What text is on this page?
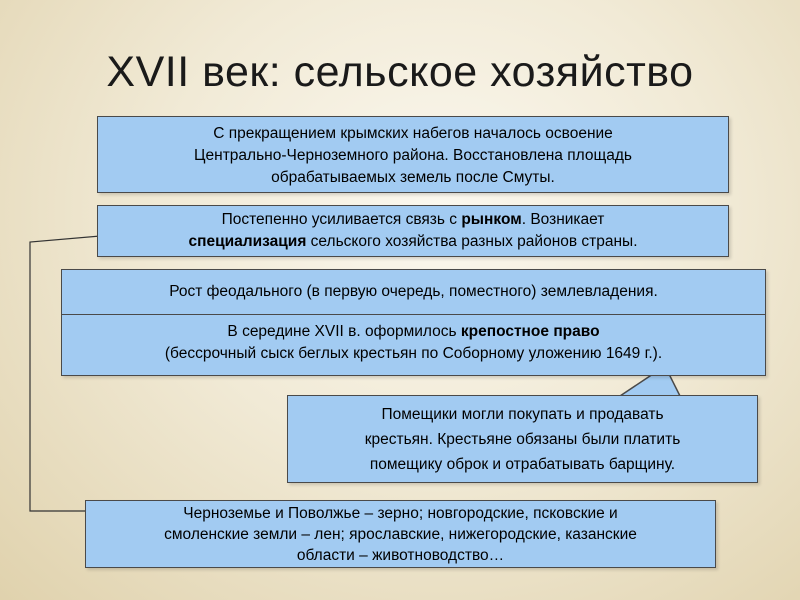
XVII век: сельское хозяйство
С прекращением крымских набегов началось освоение
Центрально-Черноземного района. Восстановлена площадь
обрабатываемых земель после Смуты.
Постепенно усиливается связь с рынком. Возникает
специализация сельского хозяйства разных районов страны.
Рост феодального (в первую очередь, поместного) землевладения.
В середине XVII в. оформилось крепостное право
(бессрочный сыск беглых крестьян по Соборному уложению 1649 г.).
Помещики могли покупать и продавать
крестьян. Крестьяне обязаны были платить
помещику оброк и отрабатывать барщину.
Черноземье и Поволжье – зерно; новгородские, псковские и
смоленские земли – лен; ярославские, нижегородские, казанские
области – животноводство…
